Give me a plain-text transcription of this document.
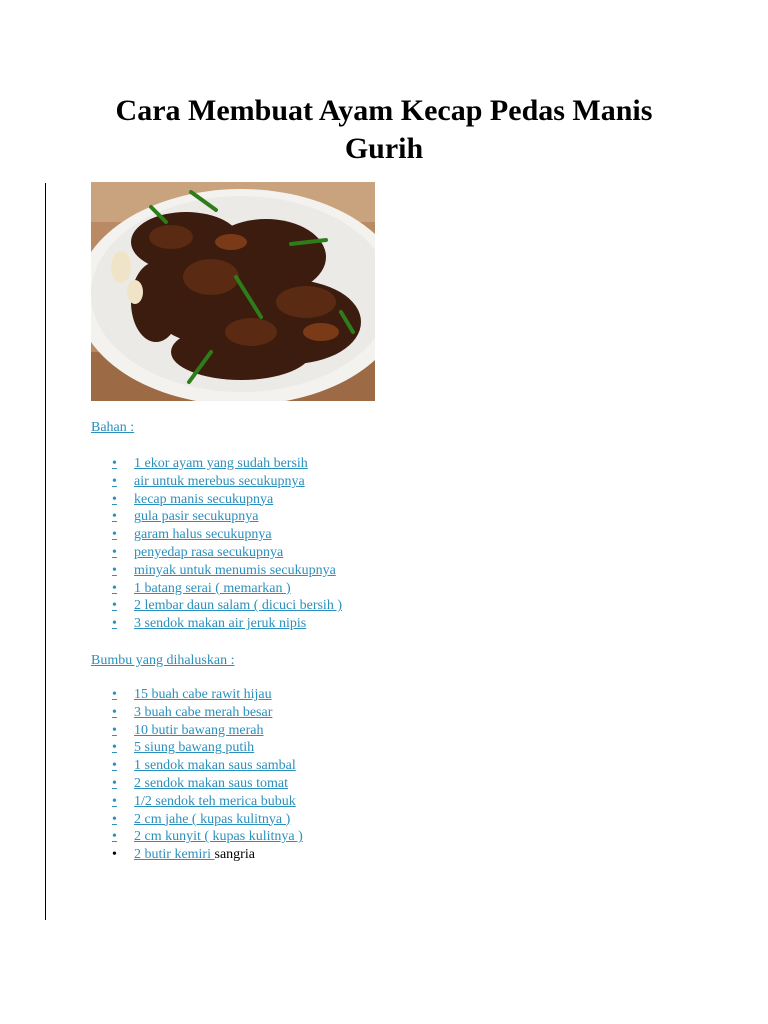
Cara Membuat Ayam Kecap Pedas Manis Gurih
Bahan :
• 1 ekor ayam yang sudah bersih
• air untuk merebus secukupnya
• kecap manis secukupnya
• gula pasir secukupnya
• garam halus secukupnya
• penyedap rasa secukupnya
• minyak untuk menumis secukupnya
• 1 batang serai ( memarkan )
• 2 lembar daun salam ( dicuci bersih )
• 3 sendok makan air jeruk nipis
Bumbu yang dihaluskan :
• 15 buah cabe rawit hijau
• 3 buah cabe merah besar
• 10 butir bawang merah
• 5 siung bawang putih
• 1 sendok makan saus sambal
• 2 sendok makan saus tomat
• 1/2 sendok teh merica bubuk
• 2 cm jahe ( kupas kulitnya )
• 2 cm kunyit ( kupas kulitnya )
• 2 butir kemiri sangria
